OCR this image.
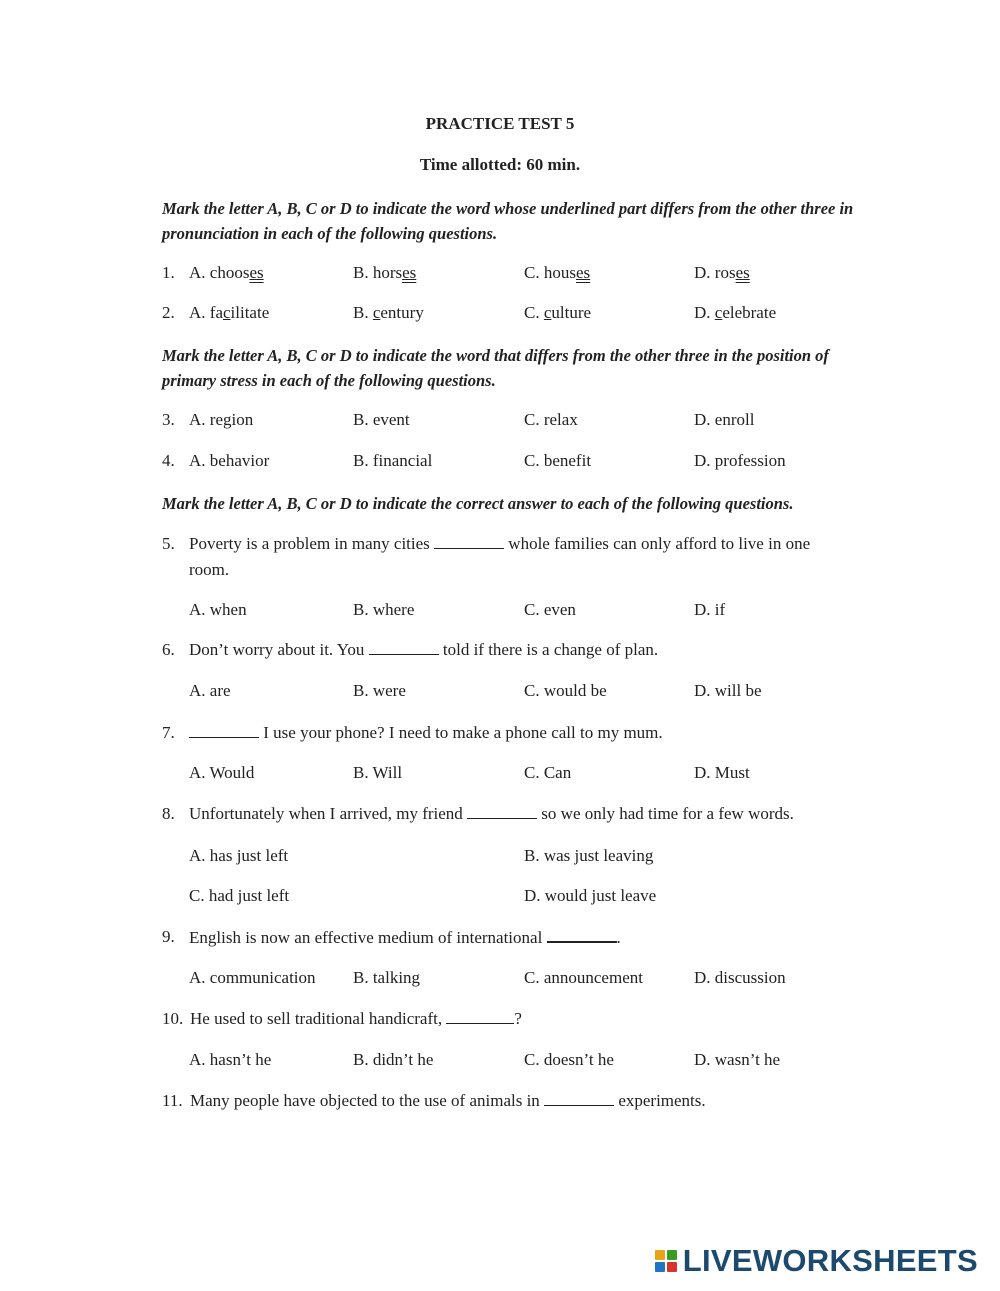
PRACTICE TEST 5
Time allotted: 60 min.
Mark the letter A, B, C or D to indicate the word whose underlined part differs from the other three in pronunciation in each of the following questions.
1. A. chooses	B. horses	C. houses	D. roses
2. A. facilitate	B. century	C. culture	D. celebrate
Mark the letter A, B, C or D to indicate the word that differs from the other three in the position of primary stress in each of the following questions.
3. A. region	B. event	C. relax	D. enroll
4. A. behavior	B. financial	C. benefit	D. profession
Mark the letter A, B, C or D to indicate the correct answer to each of the following questions.
5. Poverty is a problem in many cities	whole families can only afford to live in one
room.
A. when	B. where	C. even	D. if
6. Don’t worry about it. You	told if there is a change of plan.
A. are	B. were	C. would be	D. will be
7.	I use your phone? I need to make a phone call to my mum.
A. Would	B. Will	C. Can	D. Must
8. Unfortunately when I arrived, my friend	so we only had time for a few words.
A. has just left	B. was just leaving
C. had just left	D. would just leave
9. English is now an effective medium of international	.
A. communication B. talking	C. announcement	D. discussion
10. He used to sell traditional handicraft,	?
A. hasn’t he	B. didn’t he	C. doesn’t he	D. wasn’t he
11. Many people have objected to the use of animals in	experiments.
LIVEWORKSHEETS
